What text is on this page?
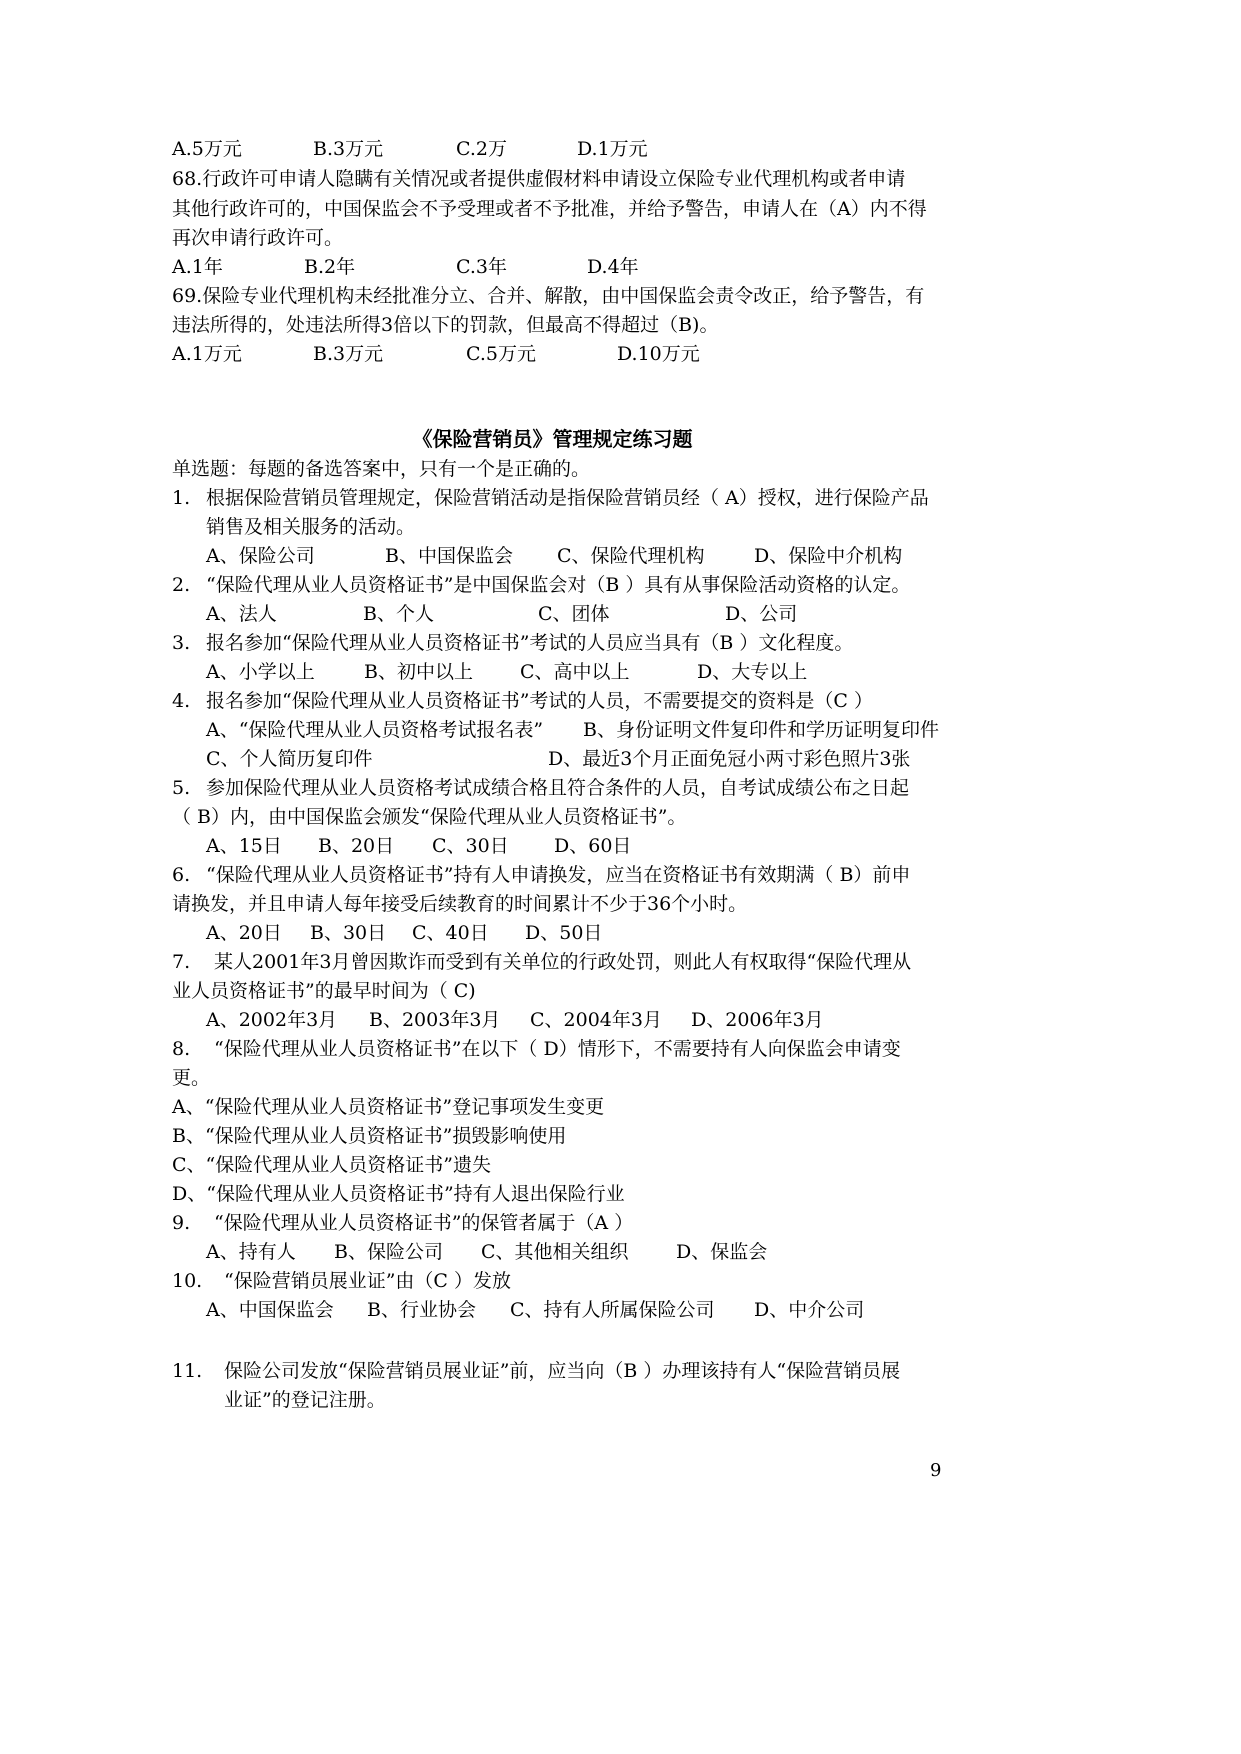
A.5万元	B.3万元	C.2万	D.1万元
68.行政许可申请人隐瞒有关情况或者提供虚假材料申请设立保险专业代理机构或者申请
其他行政许可的，中国保监会不予受理或者不予批准，并给予警告，申请人在（A）内不得
再次申请行政许可。
A.1年	B.2年	C.3年	D.4年
69.保险专业代理机构未经批准分立、合并、解散，由中国保监会责令改正，给予警告，有
违法所得的，处违法所得3倍以下的罚款，但最高不得超过（B)。
A.1万元	B.3万元	C.5万元	D.10万元
《保险营销员》管理规定练习题
单选题：每题的备选答案中，只有一个是正确的。
1. 根据保险营销员管理规定，保险营销活动是指保险营销员经（ A）授权，进行保险产品
销售及相关服务的活动。
A、保险公司	B、中国保监会 C、保险代理机构	D、保险中介机构
2. “保险代理从业人员资格证书”是中国保监会对（B ）具有从事保险活动资格的认定。
A、法人	B、个人	C、团体	D、公司
3. 报名参加“保险代理从业人员资格证书”考试的人员应当具有（B ）文化程度。
A、小学以上	B、初中以上 C、高中以上	D、大专以上
4. 报名参加“保险代理从业人员资格证书”考试的人员，不需要提交的资料是（C ）
A、“保险代理从业人员资格考试报名表” B、身份证明文件复印件和学历证明复印件
C、个人简历复印件	D、最近3个月正面免冠小两寸彩色照片3张
5. 参加保险代理从业人员资格考试成绩合格且符合条件的人员，自考试成绩公布之日起
（ B）内，由中国保监会颁发“保险代理从业人员资格证书”。
A、15日 B、20日 C、30日 D、60日
6. “保险代理从业人员资格证书”持有人申请换发，应当在资格证书有效期满（ B）前申
请换发，并且申请人每年接受后续教育的时间累计不少于36个小时。
A、20日 B、30日 C、40日 D、50日
7. 某人2001年3月曾因欺诈而受到有关单位的行政处罚，则此人有权取得“保险代理从
业人员资格证书”的最早时间为（ C)
A、2002年3月 B、2003年3月 C、2004年3月 D、2006年3月
8. “保险代理从业人员资格证书”在以下（ D）情形下，不需要持有人向保监会申请变
更。
A、“保险代理从业人员资格证书”登记事项发生变更
B、“保险代理从业人员资格证书”损毁影响使用
C、“保险代理从业人员资格证书”遗失
D、“保险代理从业人员资格证书”持有人退出保险行业
9. “保险代理从业人员资格证书”的保管者属于（A ）
A、持有人 B、保险公司 C、其他相关组织 D、保监会
10. “保险营销员展业证”由（C ）发放
A、中国保监会 B、行业协会 C、持有人所属保险公司 D、中介公司
11. 保险公司发放“保险营销员展业证”前，应当向（B ）办理该持有人“保险营销员展
业证”的登记注册。
9
